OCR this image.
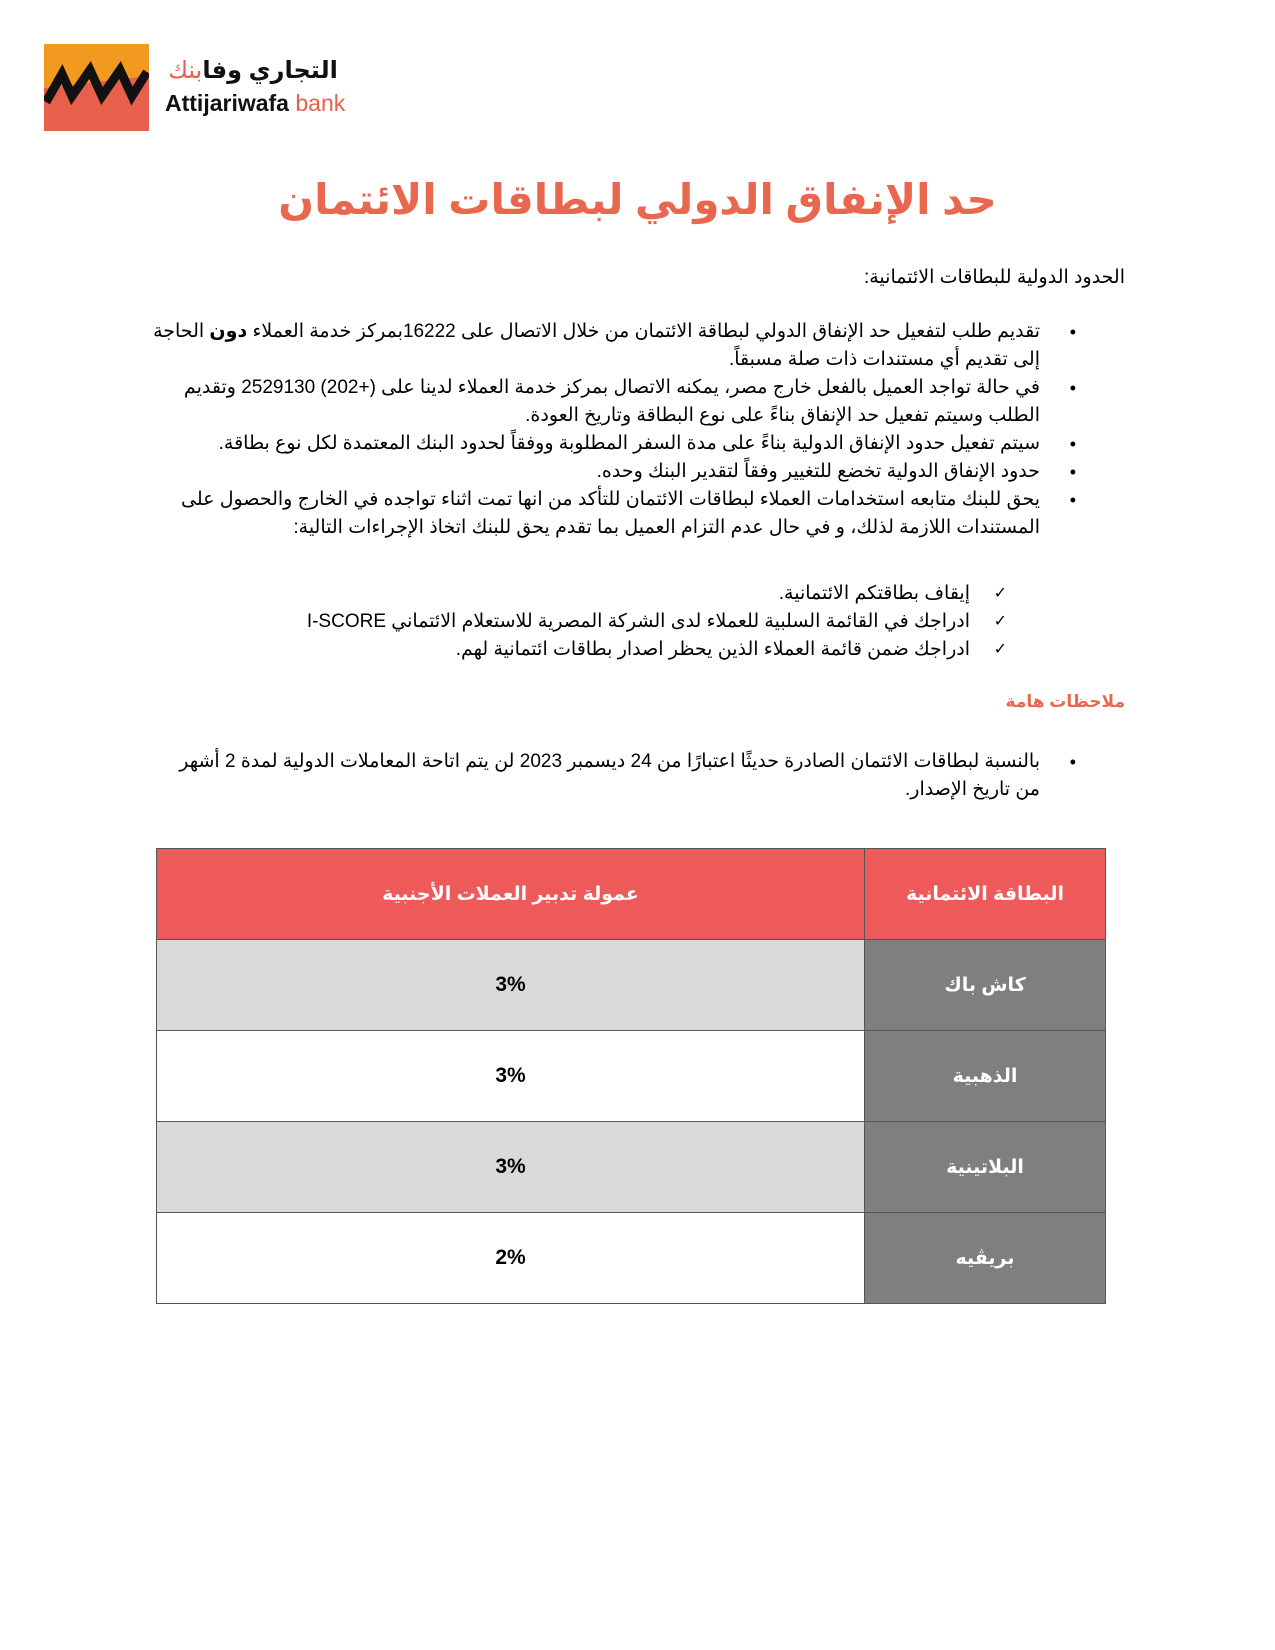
التجاري وفابنك
Attijariwafa bank
حد الإنفاق الدولي لبطاقات الائتمان

الحدود الدولية للبطاقات الائتمانية:

• تقديم طلب لتفعيل حد الإنفاق الدولي لبطاقة الائتمان من خلال الاتصال على 16222بمركز خدمة العملاء دون الحاجة إلى تقديم أي مستندات ذات صلة مسبقاً.
• في حالة تواجد العميل بالفعل خارج مصر، يمكنه الاتصال بمركز خدمة العملاء لدينا على (+202) 2529130 وتقديم الطلب وسيتم تفعيل حد الإنفاق بناءً على نوع البطاقة وتاريخ العودة.
• سيتم تفعيل حدود الإنفاق الدولية بناءً على مدة السفر المطلوبة ووفقاً لحدود البنك المعتمدة لكل نوع بطاقة.
• حدود الإنفاق الدولية تخضع للتغيير وفقاً لتقدير البنك وحده.
• يحق للبنك متابعه استخدامات العملاء لبطاقات الائتمان للتأكد من انها تمت اثناء تواجده في الخارج والحصول على المستندات اللازمة لذلك، و في حال عدم التزام العميل بما تقدم يحق للبنك اتخاذ الإجراءات التالية:
✓ إيقاف بطاقتكم الائتمانية.
✓ ادراجك في القائمة السلبية للعملاء لدى الشركة المصرية للاستعلام الائتماني I-SCORE
✓ ادراجك ضمن قائمة العملاء الذين يحظر اصدار بطاقات ائتمانية لهم.

ملاحظات هامة

• بالنسبة لبطاقات الائتمان الصادرة حديثًا اعتبارًا من 24 ديسمبر 2023 لن يتم اتاحة المعاملات الدولية لمدة 2 أشهر من تاريخ الإصدار.
البطاقة الائتمانية	عمولة تدبير العملات الأجنبية
كاش باك	3%
الذهبية	3%
البلاتينية	3%
بريڤيه	2%
